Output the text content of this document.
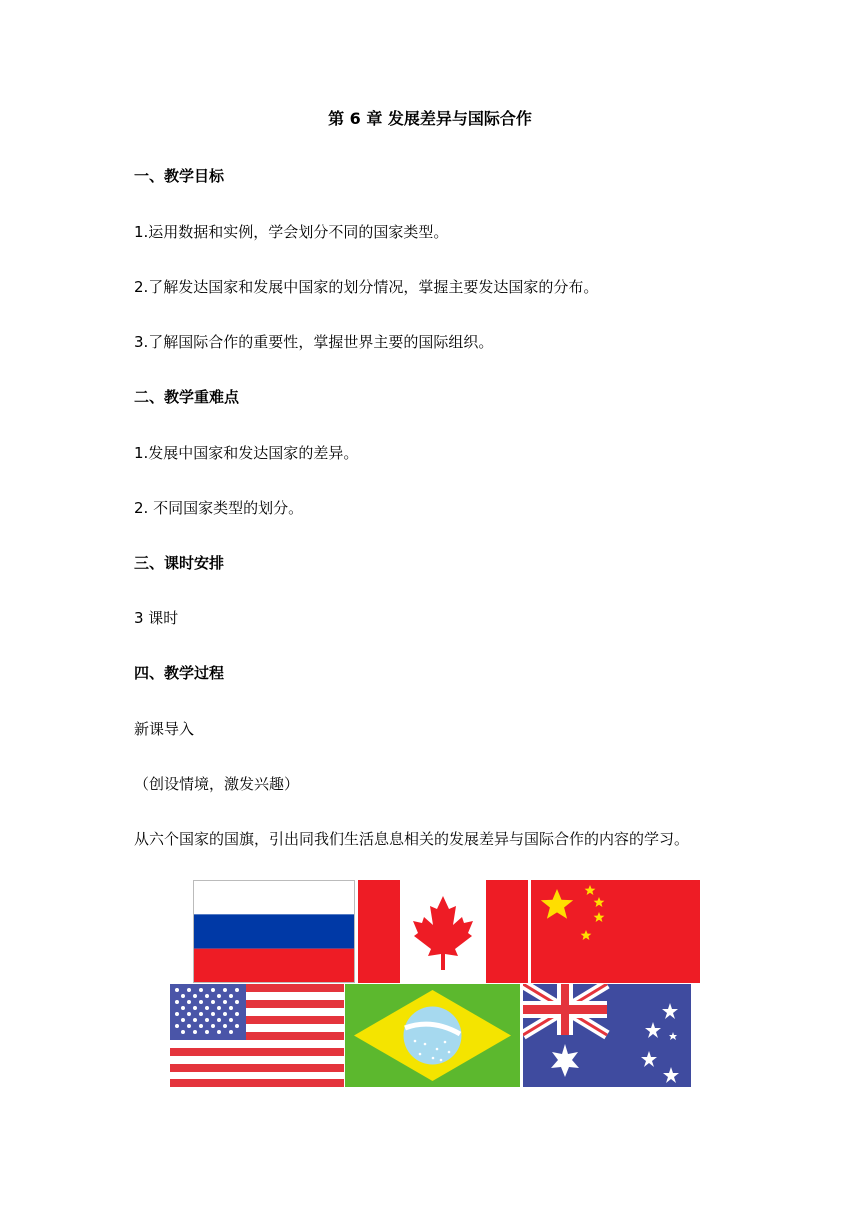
第 6 章 发展差异与国际合作
一、教学目标
1.运用数据和实例，学会划分不同的国家类型。
2.了解发达国家和发展中国家的划分情况，掌握主要发达国家的分布。
3.了解国际合作的重要性，掌握世界主要的国际组织。
二、教学重难点
1.发展中国家和发达国家的差异。
2. 不同国家类型的划分。
三、课时安排
3 课时
四、教学过程
新课导入
（创设情境，激发兴趣）
从六个国家的国旗，引出同我们生活息息相关的发展差异与国际合作的内容的学习。
